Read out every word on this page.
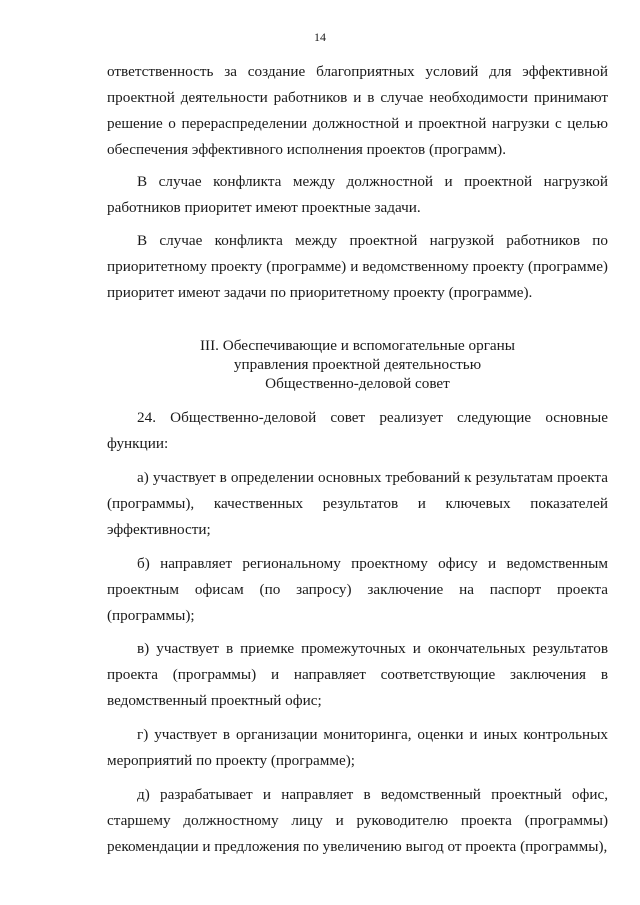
14

ответственность за создание благоприятных условий для эффективной проектной деятельности работников и в случае необходимости принимают решение о перераспределении должностной и проектной нагрузки с целью обеспечения эффективного исполнения проектов (программ).

В случае конфликта между должностной и проектной нагрузкой работников приоритет имеют проектные задачи.

В случае конфликта между проектной нагрузкой работников по приоритетному проекту (программе) и ведомственному проекту (программе) приоритет имеют задачи по приоритетному проекту (программе).

III. Обеспечивающие и вспомогательные органы
управления проектной деятельностью
Общественно-деловой совет

24. Общественно-деловой совет реализует следующие основные функции:

а) участвует в определении основных требований к результатам проекта (программы), качественных результатов и ключевых показателей эффективности;

б) направляет региональному проектному офису и ведомственным проектным офисам (по запросу) заключение на паспорт проекта (программы);

в) участвует в приемке промежуточных и окончательных результатов проекта (программы) и направляет соответствующие заключения в ведомственный проектный офис;

г) участвует в организации мониторинга, оценки и иных контрольных мероприятий по проекту (программе);

д) разрабатывает и направляет в ведомственный проектный офис, старшему должностному лицу и руководителю проекта (программы) рекомендации и предложения по увеличению выгод от проекта (программы),
